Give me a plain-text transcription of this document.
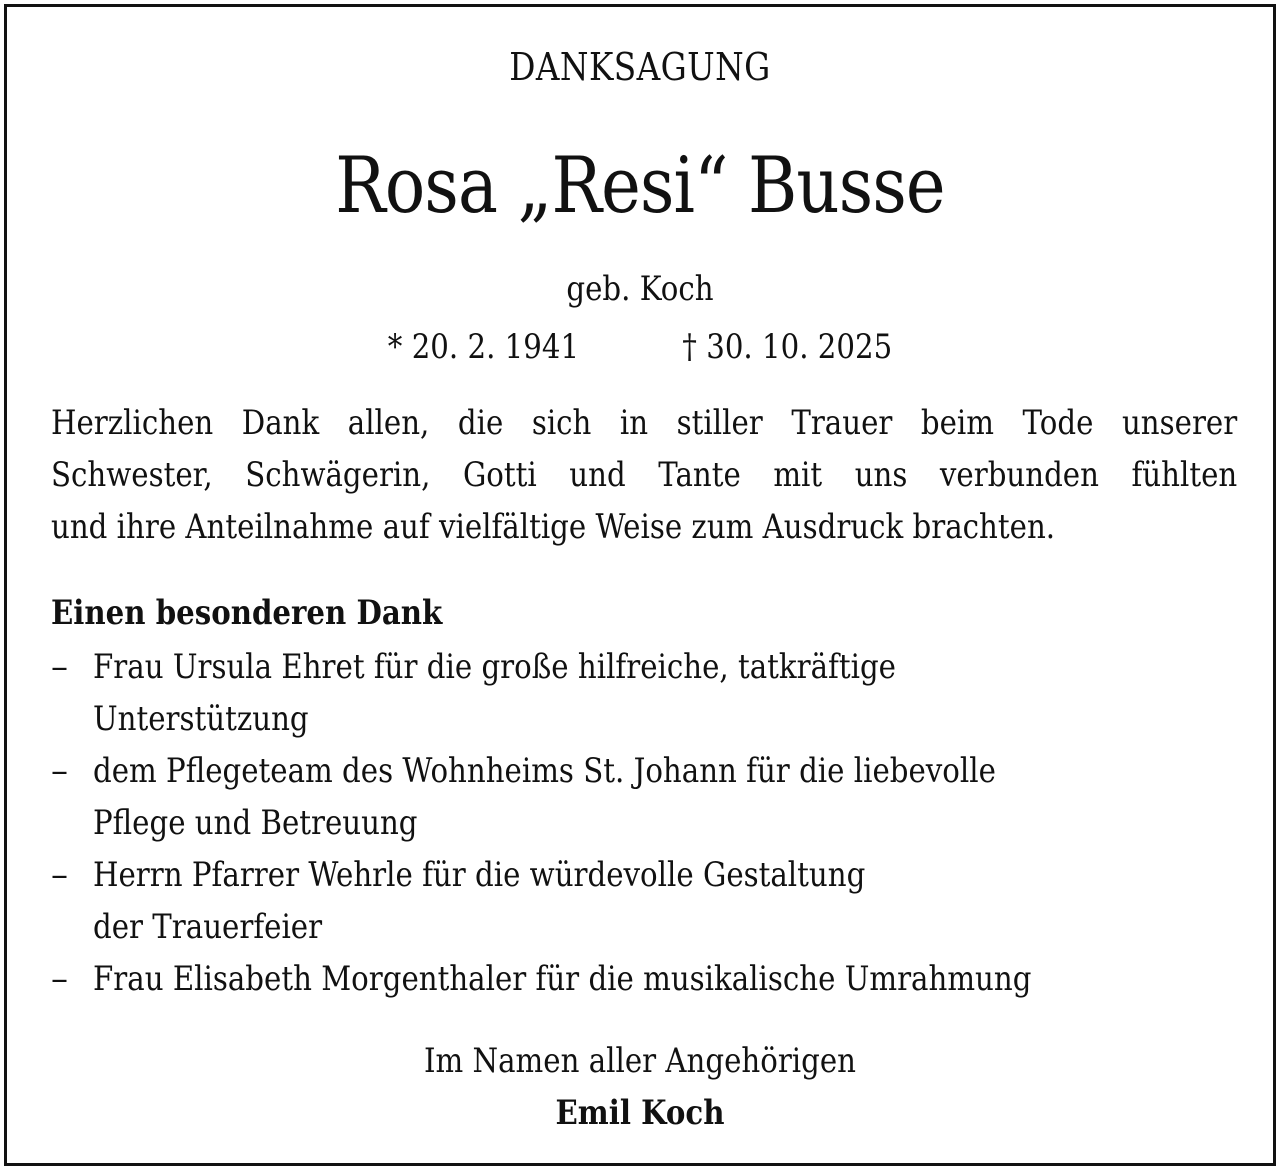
DANKSAGUNG
Rosa „Resi“ Busse
geb. Koch
* 20. 2. 1941	† 30. 10. 2025
Herzlichen Dank allen, die sich in stiller Trauer beim Tode unserer
Schwester, Schwägerin, Gotti und Tante mit uns verbunden fühlten
und ihre Anteilnahme auf vielfältige Weise zum Ausdruck brachten.
Einen besonderen Dank
– Frau Ursula Ehret für die große hilfreiche, tatkräftige
Unterstützung
– dem Pflegeteam des Wohnheims St. Johann für die liebevolle
Pflege und Betreuung
– Herrn Pfarrer Wehrle für die würdevolle Gestaltung
der Trauerfeier
– Frau Elisabeth Morgenthaler für die musikalische Umrahmung
Im Namen aller Angehörigen
Emil Koch
